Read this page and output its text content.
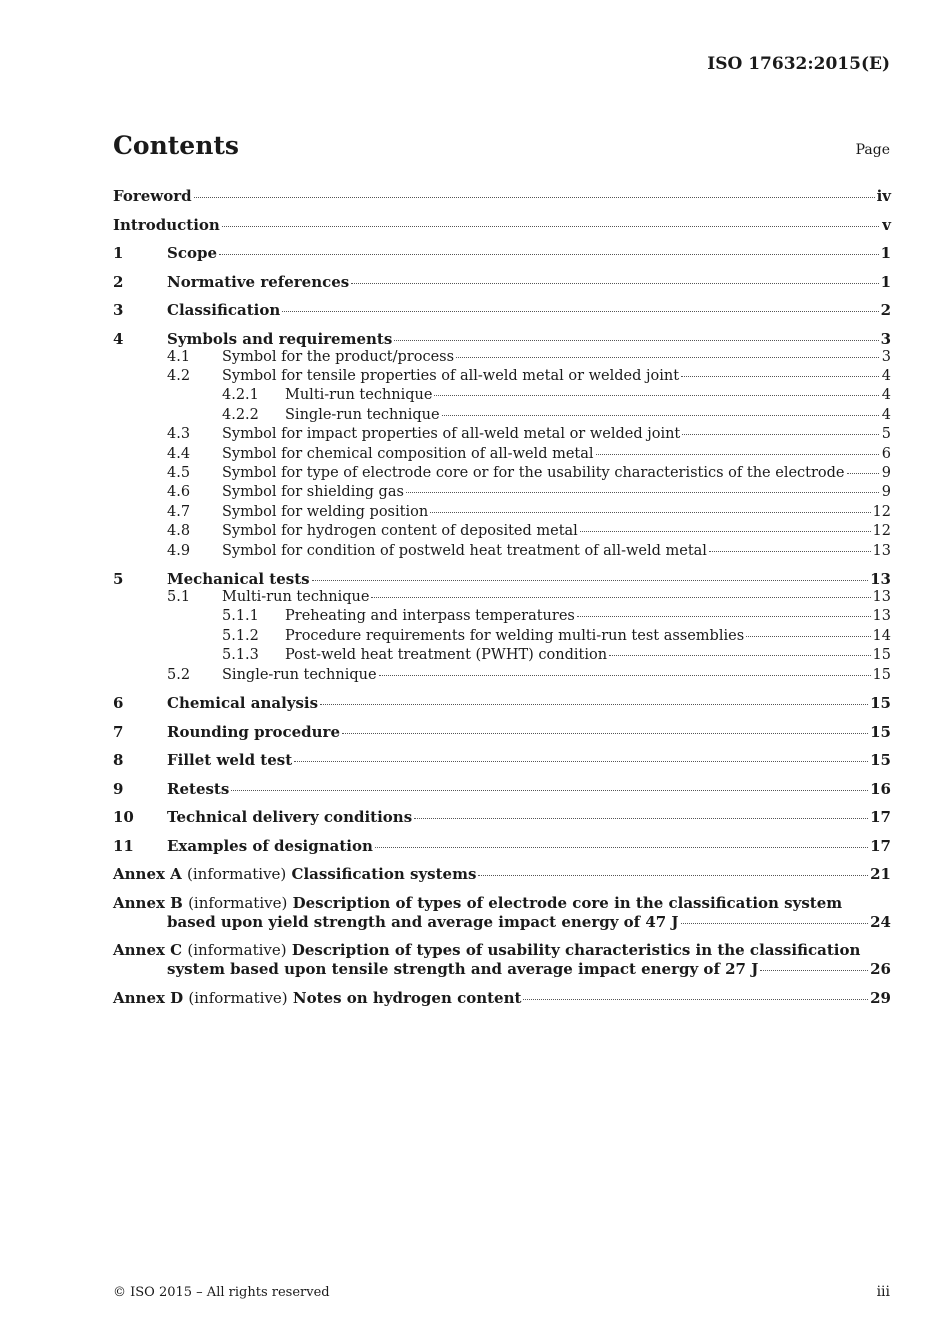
ISO 17632:2015(E)
Contents	Page
Foreword	iv
Introduction	v
1	Scope	1
2	Normative references	1
3	Classification	2
4	Symbols and requirements	3
4.1	Symbol for the product/process	3
4.2	Symbol for tensile properties of all-weld metal or welded joint	4
4.2.1	Multi-run technique	4
4.2.2	Single-run technique	4
4.3	Symbol for impact properties of all-weld metal or welded joint	5
4.4	Symbol for chemical composition of all-weld metal	6
4.5	Symbol for type of electrode core or for the usability characteristics of the electrode	9
4.6	Symbol for shielding gas	9
4.7	Symbol for welding position	12
4.8	Symbol for hydrogen content of deposited metal	12
4.9	Symbol for condition of postweld heat treatment of all-weld metal	13
5	Mechanical tests	13
5.1	Multi-run technique	13
5.1.1	Preheating and interpass temperatures	13
5.1.2	Procedure requirements for welding multi-run test assemblies	14
5.1.3	Post-weld heat treatment (PWHT) condition	15
5.2	Single-run technique	15
6	Chemical analysis	15
7	Rounding procedure	15
8	Fillet weld test	15
9	Retests	16
10	Technical delivery conditions	17
11	Examples of designation	17
Annex A (informative) Classification systems	21
Annex B (informative) Description of types of electrode core in the classification system
based upon yield strength and average impact energy of 47 J	24
Annex C (informative) Description of types of usability characteristics in the classification
system based upon tensile strength and average impact energy of 27 J	26
Annex D (informative) Notes on hydrogen content	29
© ISO 2015 – All rights reserved	iii
